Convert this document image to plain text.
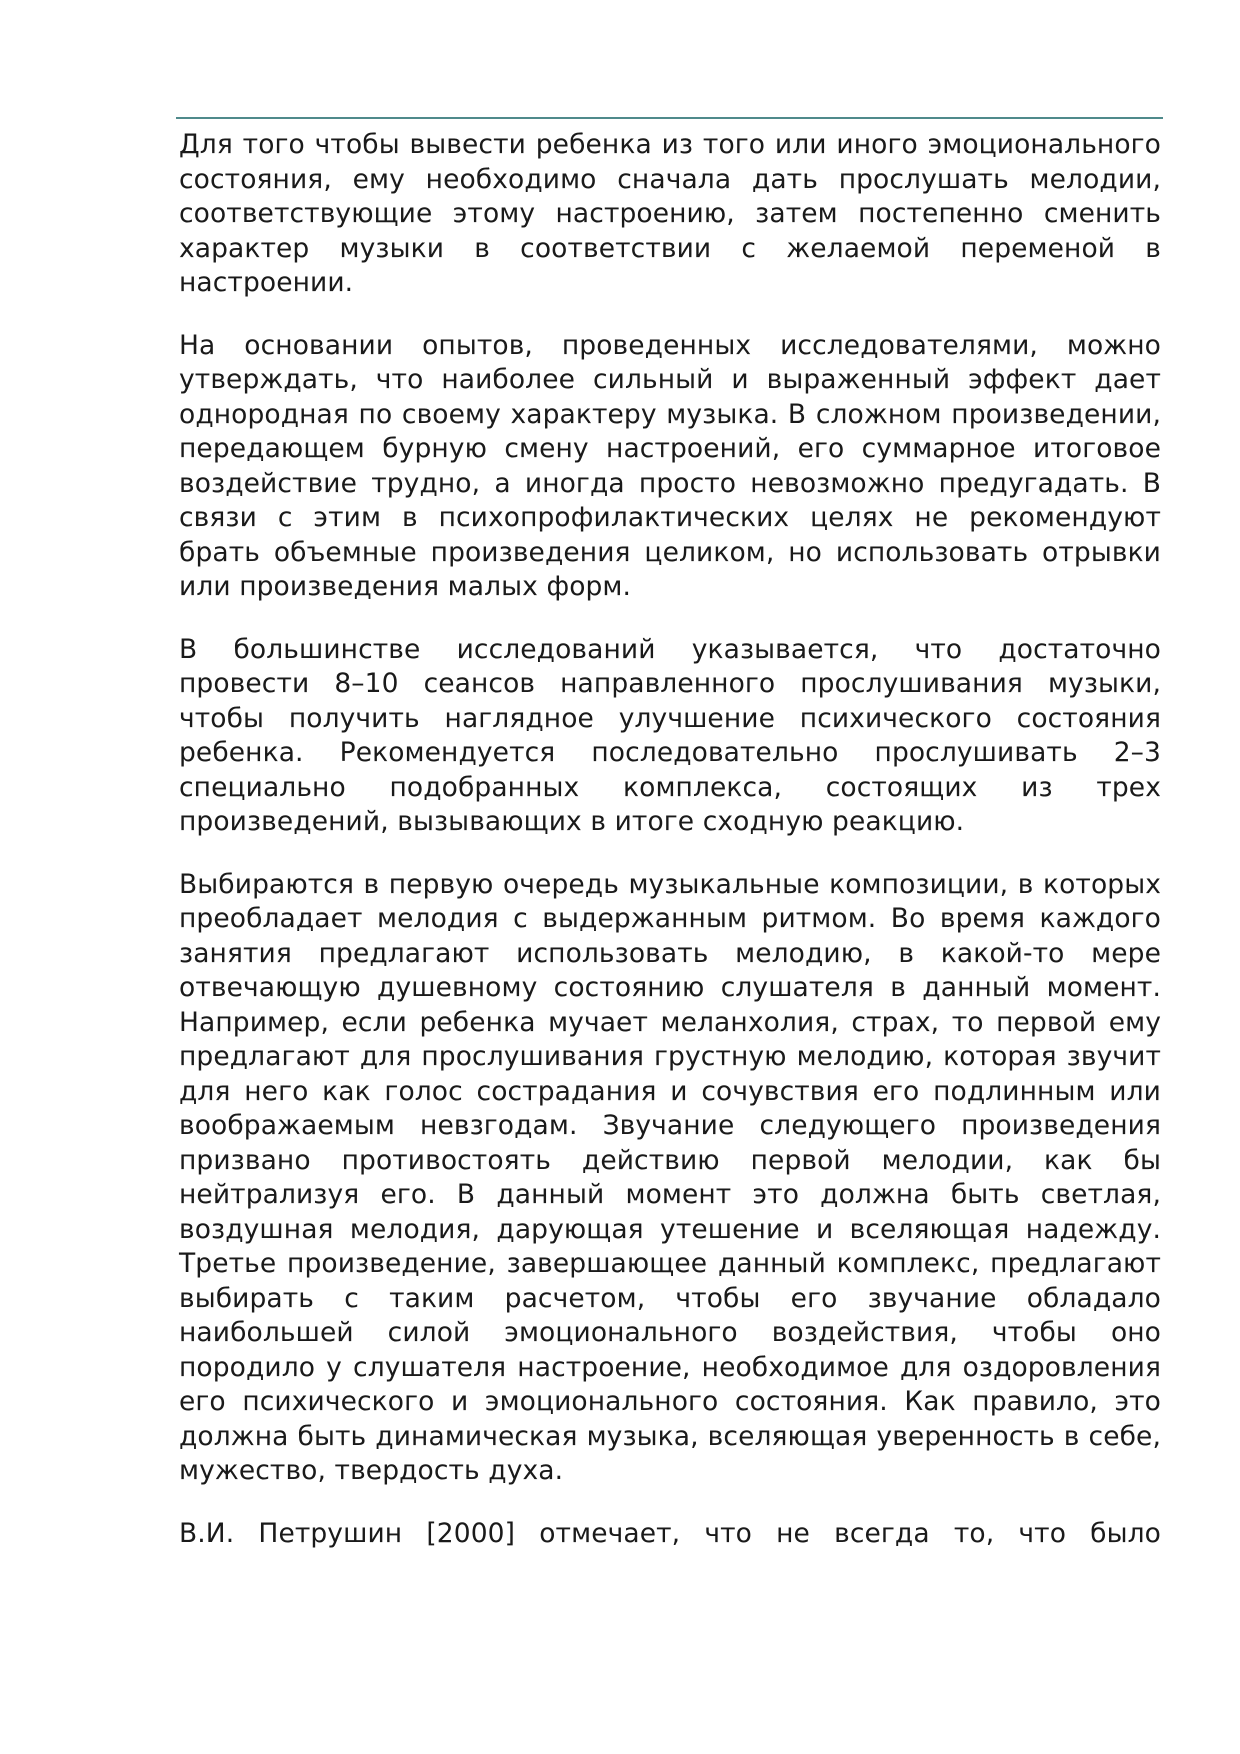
Для того чтобы вывести ребенка из того или иного эмоционального состояния, ему необходимо сначала дать прослушать мелодии, соответствующие этому настроению, затем постепенно сменить характер музыки в соответствии с желаемой переменой в настроении.

На основании опытов, проведенных исследователями, можно утверждать, что наиболее сильный и выраженный эффект дает однородная по своему характеру музыка. В сложном произведении, передающем бурную смену настроений, его суммарное итоговое воздействие трудно, а иногда просто невозможно предугадать. В связи с этим в психопрофилактических целях не рекомендуют брать объемные произведения целиком, но использовать отрывки или произведения малых форм.

В большинстве исследований указывается, что достаточно провести 8–10 сеансов направленного прослушивания музыки, чтобы получить наглядное улучшение психического состояния ребенка. Рекомендуется последовательно прослушивать 2–3 специально подобранных комплекса, состоящих из трех произведений, вызывающих в итоге сходную реакцию.

Выбираются в первую очередь музыкальные композиции, в которых преобладает мелодия с выдержанным ритмом. Во время каждого занятия предлагают использовать мелодию, в какой-то мере отвечающую душевному состоянию слушателя в данный момент. Например, если ребенка мучает меланхолия, страх, то первой ему предлагают для прослушивания грустную мелодию, которая звучит для него как голос сострадания и сочувствия его подлинным или воображаемым невзгодам. Звучание следующего произведения призвано противостоять действию первой мелодии, как бы нейтрализуя его. В данный момент это должна быть светлая, воздушная мелодия, дарующая утешение и вселяющая надежду. Третье произведение, завершающее данный комплекс, предлагают выбирать с таким расчетом, чтобы его звучание обладало наибольшей силой эмоционального воздействия, чтобы оно породило у слушателя настроение, необходимое для оздоровления его психического и эмоционального состояния. Как правило, это должна быть динамическая музыка, вселяющая уверенность в себе, мужество, твердость духа.

В.И. Петрушин [2000] отмечает, что не всегда то, что было
